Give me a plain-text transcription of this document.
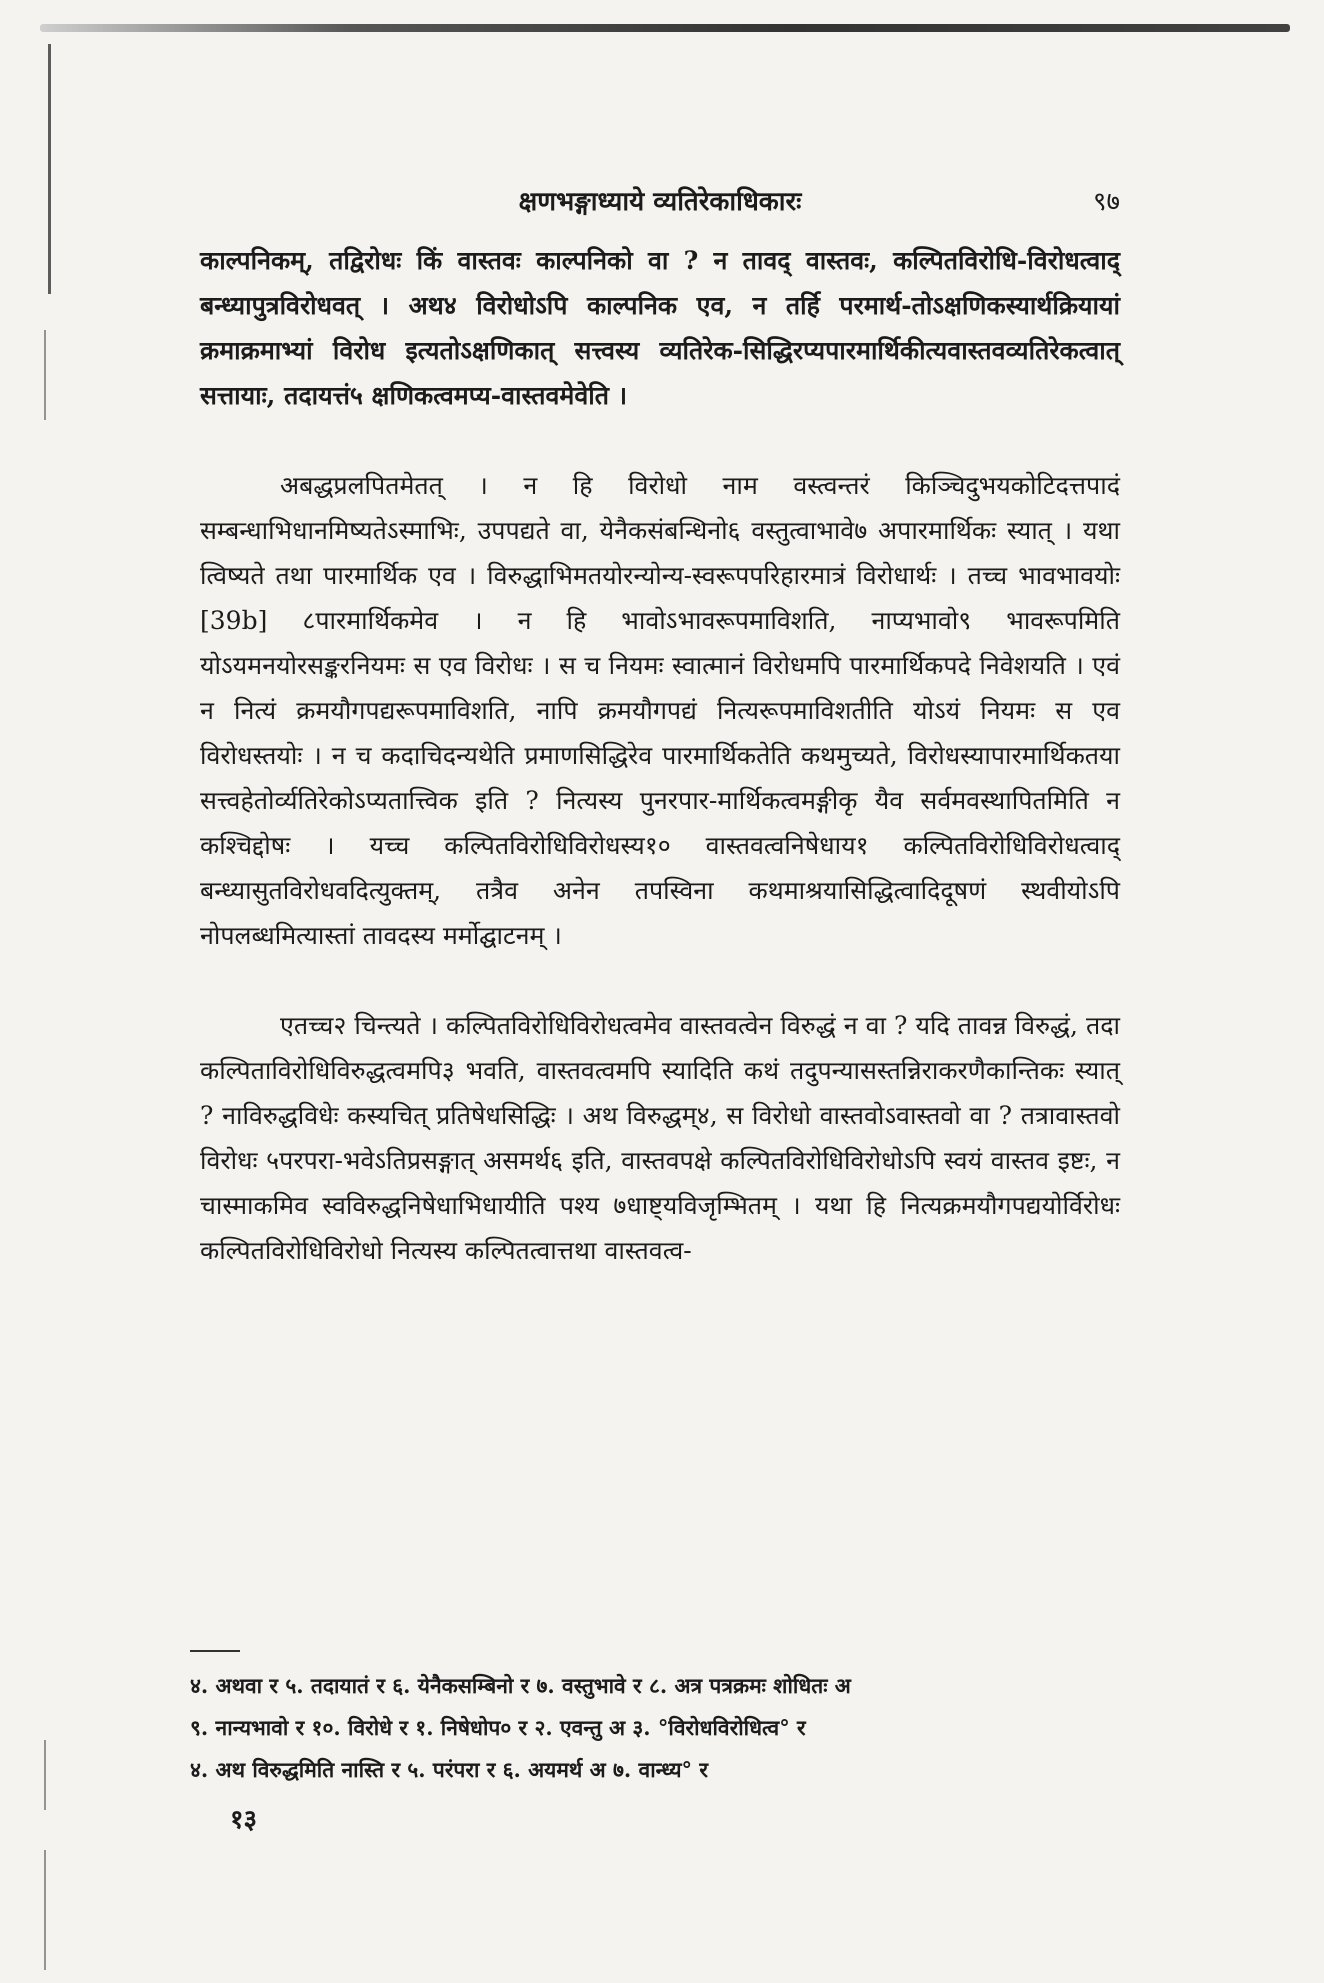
क्षणभङ्गाध्याये व्यतिरेकाधिकारः	९७

काल्पनिकम्, तद्विरोधः किं वास्तवः काल्पनिको वा ? न तावद् वास्तवः, कल्पितविरोधि-विरोधत्वाद् बन्ध्यापुत्रविरोधवत् । अथ४ विरोधोऽपि काल्पनिक एव, न तर्हि परमार्थ-तोऽक्षणिकस्यार्थक्रियायां क्रमाक्रमाभ्यां विरोध इत्यतोऽक्षणिकात् सत्त्वस्य व्यतिरेक-सिद्धिरप्यपारमार्थिकीत्यवास्तवव्यतिरेकत्वात् सत्तायाः, तदायत्तं५ क्षणिकत्वमप्य-वास्तवमेवेति ।

अबद्धप्रलपितमेतत् । न हि विरोधो नाम वस्त्वन्तरं किञ्चिदुभयकोटिदत्तपादं सम्बन्धाभिधानमिष्यतेऽस्माभिः, उपपद्यते वा, येनैकसंबन्धिनो६ वस्तुत्वाभावे७ अपारमार्थिकः स्यात् । यथा त्विष्यते तथा पारमार्थिक एव । विरुद्धाभिमतयोरन्योन्य-स्वरूपपरिहारमात्रं विरोधार्थः । तच्च भावभावयोः [39b] ८पारमार्थिकमेव । न हि भावोऽभावरूपमाविशति, नाप्यभावो९ भावरूपमिति योऽयमनयोरसङ्करनियमः स एव विरोधः । स च नियमः स्वात्मानं विरोधमपि पारमार्थिकपदे निवेशयति । एवं न नित्यं क्रमयौगपद्यरूपमाविशति, नापि क्रमयौगपद्यं नित्यरूपमाविशतीति योऽयं नियमः स एव विरोधस्तयोः । न च कदाचिदन्यथेति प्रमाणसिद्धिरेव पारमार्थिकतेति कथमुच्यते, विरोधस्यापारमार्थिकतया सत्त्वहेतोर्व्यतिरेकोऽप्यतात्त्विक इति ? नित्यस्य पुनरपार-मार्थिकत्वमङ्गीकृ यैव सर्वमवस्थापितमिति न कश्चिद्दोषः । यच्च कल्पितविरोधिविरोधस्य१० वास्तवत्वनिषेधाय१ कल्पितविरोधिविरोधत्वाद् बन्ध्यासुतविरोधवदित्युक्तम्, तत्रैव अनेन तपस्विना कथमाश्रयासिद्धित्वादिदूषणं स्थवीयोऽपि नोपलब्धमित्यास्तां तावदस्य मर्मोद्घाटनम् ।

एतच्च२ चिन्त्यते । कल्पितविरोधिविरोधत्वमेव वास्तवत्वेन विरुद्धं न वा ? यदि तावन्न विरुद्धं, तदा कल्पिताविरोधिविरुद्धत्वमपि३ भवति, वास्तवत्वमपि स्यादिति कथं तदुपन्यासस्तन्निराकरणैकान्तिकः स्यात् ? नाविरुद्धविधेः कस्यचित् प्रतिषेधसिद्धिः । अथ विरुद्धम्४, स विरोधो वास्तवोऽवास्तवो वा ? तत्रावास्तवो विरोधः ५परपरा-भवेऽतिप्रसङ्गात् असमर्थ६ इति, वास्तवपक्षे कल्पितविरोधिविरोधोऽपि स्वयं वास्तव इष्टः, न चास्माकमिव स्वविरुद्धनिषेधाभिधायीति पश्य ७धाष्ट्यविजृम्भितम् । यथा हि नित्यक्रमयौगपद्ययोर्विरोधः कल्पितविरोधिविरोधो नित्यस्य कल्पितत्वात्तथा वास्तवत्व-

४. अथवा र ५. तदायातं र ६. येनैकसम्बिनो र ७. वस्तुभावे र ८. अत्र पत्रक्रमः शोधितः अ
९. नान्यभावो र १०. विरोधे र १. निषेधोप० र २. एवन्तु अ ३. °विरोधविरोधित्व° र
४. अथ विरुद्धमिति नास्ति र ५. परंपरा र ६. अयमर्थ अ ७. वान्ध्य° र
१३
